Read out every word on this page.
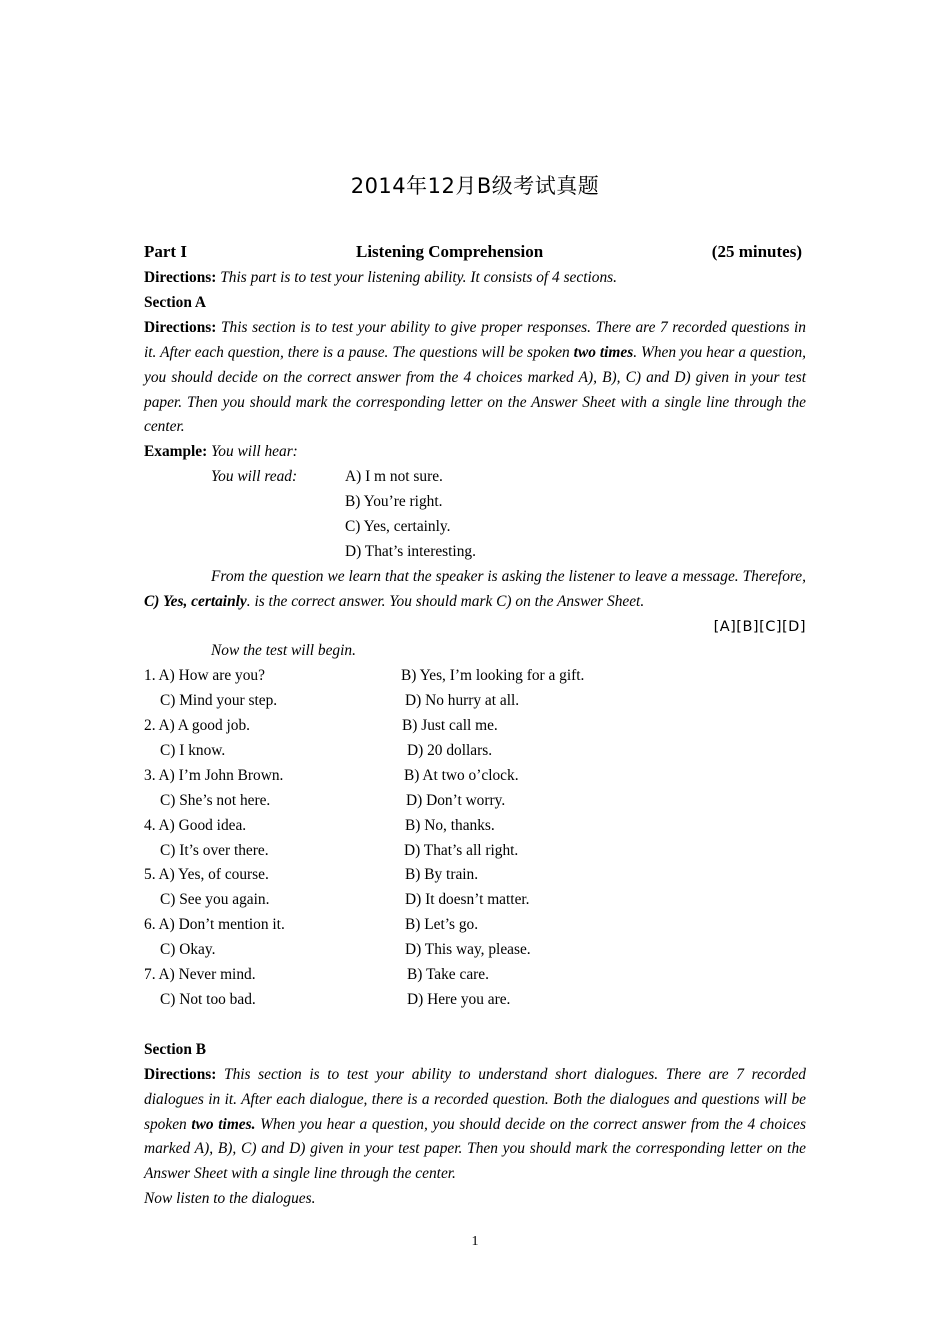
2014年12月B级考试真题
Part I	Listening Comprehension	(25 minutes)
Directions: This part is to test your listening ability. It consists of 4 sections.
Section A

Directions: This section is to test your ability to give proper responses. There are 7 recorded questions in it. After each question, there is a pause. The questions will be spoken two times. When you hear a question, you should decide on the correct answer from the 4 choices marked A), B), C) and D) given in your test paper. Then you should mark the corresponding letter on the Answer Sheet with a single line through the center.

Example: You will hear:
You will read:	A) I m not sure.
B) You’re right.
C) Yes, certainly.
D) That’s interesting.

From the question we learn that the speaker is asking the listener to leave a message. Therefore, C) Yes, certainly. is the correct answer. You should mark C) on the Answer Sheet.

[A][B][C][D]
Now the test will begin.
1. A) How are you?	B) Yes, I’m looking for a gift.
C) Mind your step.	D) No hurry at all.
2. A) A good job.	B) Just call me.
C) I know.	D) 20 dollars.
3. A) I’m John Brown.	B) At two o’clock.
C) She’s not here.	D) Don’t worry.
4. A) Good idea.	B) No, thanks.
C) It’s over there.	D) That’s all right.
5. A) Yes, of course.	B) By train.
C) See you again.	D) It doesn’t matter.
6. A) Don’t mention it.	B) Let’s go.
C) Okay.	D) This way, please.
7. A) Never mind.	B) Take care.
C) Not too bad.	D) Here you are.
Section B

Directions: This section is to test your ability to understand short dialogues. There are 7 recorded dialogues in it. After each dialogue, there is a recorded question. Both the dialogues and questions will be spoken two times. When you hear a question, you should decide on the correct answer from the 4 choices marked A), B), C) and D) given in your test paper. Then you should mark the corresponding letter on the Answer Sheet with a single line through the center.

Now listen to the dialogues.
1
